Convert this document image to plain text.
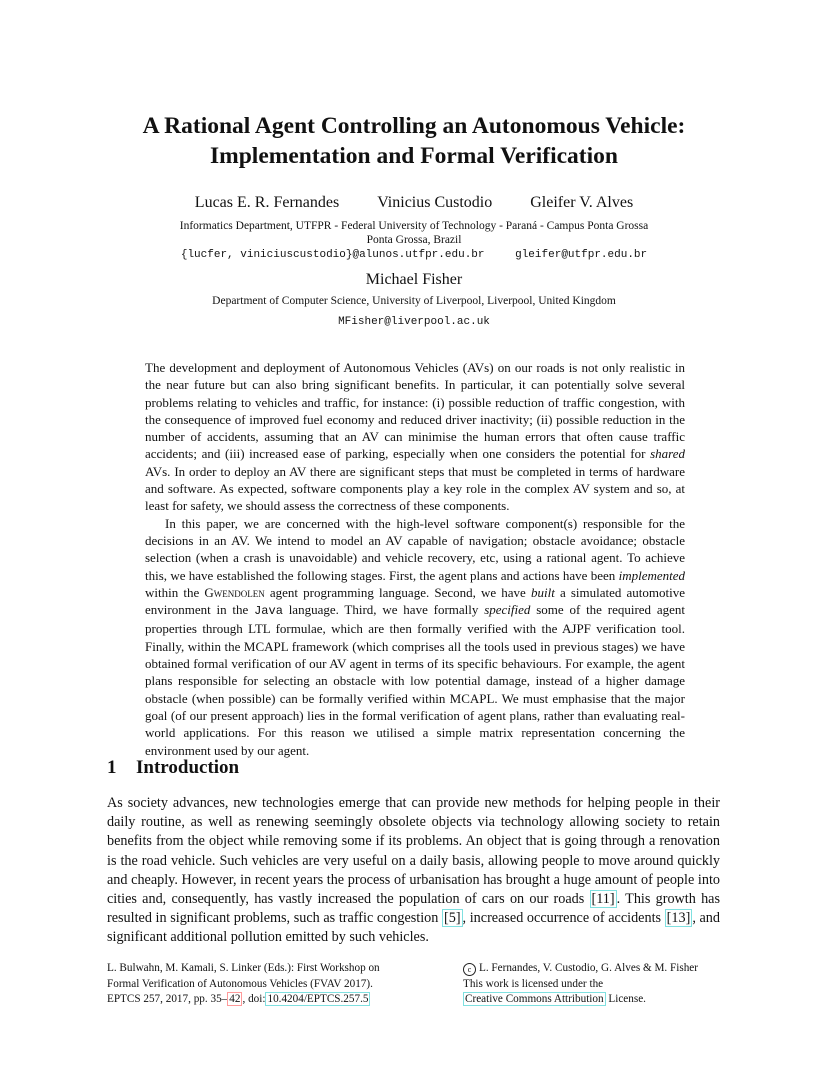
A Rational Agent Controlling an Autonomous Vehicle:
Implementation and Formal Verification
Lucas E. R. Fernandes Vinicius Custodio Gleifer V. Alves
Informatics Department, UTFPR - Federal University of Technology - Paraná - Campus Ponta Grossa
Ponta Grossa, Brazil
{lucfer, viniciuscustodio}@alunos.utfpr.edu.br	gleifer@utfpr.edu.br
Michael Fisher
Department of Computer Science, University of Liverpool, Liverpool, United Kingdom
MFisher@liverpool.ac.uk

The development and deployment of Autonomous Vehicles (AVs) on our roads is not only realistic in the near future but can also bring significant benefits. In particular, it can potentially solve several problems relating to vehicles and traffic, for instance: (i) possible reduction of traffic congestion, with the consequence of improved fuel economy and reduced driver inactivity; (ii) possible reduction in the number of accidents, assuming that an AV can minimise the human errors that often cause traffic accidents; and (iii) increased ease of parking, especially when one considers the potential for shared AVs. In order to deploy an AV there are significant steps that must be completed in terms of hardware and software. As expected, software components play a key role in the complex AV system and so, at least for safety, we should assess the correctness of these components.

In this paper, we are concerned with the high-level software component(s) responsible for the decisions in an AV. We intend to model an AV capable of navigation; obstacle avoidance; obstacle selection (when a crash is unavoidable) and vehicle recovery, etc, using a rational agent. To achieve this, we have established the following stages. First, the agent plans and actions have been implemented within the Gwendolen agent programming language. Second, we have built a simulated automotive environment in the Java language. Third, we have formally specified some of the required agent properties through LTL formulae, which are then formally verified with the AJPF verification tool. Finally, within the MCAPL framework (which comprises all the tools used in previous stages) we have obtained formal verification of our AV agent in terms of its specific behaviours. For example, the agent plans responsible for selecting an obstacle with low potential damage, instead of a higher damage obstacle (when possible) can be formally verified within MCAPL. We must emphasise that the major goal (of our present approach) lies in the formal verification of agent plans, rather than evaluating real-world applications. For this reason we utilised a simple matrix representation concerning the environment used by our agent.

1 Introduction

As society advances, new technologies emerge that can provide new methods for helping people in their daily routine, as well as renewing seemingly obsolete objects via technology allowing society to retain benefits from the object while removing some if its problems. An object that is going through a renovation is the road vehicle. Such vehicles are very useful on a daily basis, allowing people to move around quickly and cheaply. However, in recent years the process of urbanisation has brought a huge amount of people into cities and, consequently, has vastly increased the population of cars on our roads [11] . This growth has resulted in significant problems, such as traffic congestion [5] , increased occurrence of accidents [13] , and significant additional pollution emitted by such vehicles.

L. Bulwahn, M. Kamali, S. Linker (Eds.): First Workshop on
Formal Verification of Autonomous Vehicles (FVAV 2017).
EPTCS 257, 2017, pp. 35– 42 , doi: 10.4204/EPTCS.257.5
c L. Fernandes, V. Custodio, G. Alves & M. Fisher
This work is licensed under the
Creative Commons Attribution License.
